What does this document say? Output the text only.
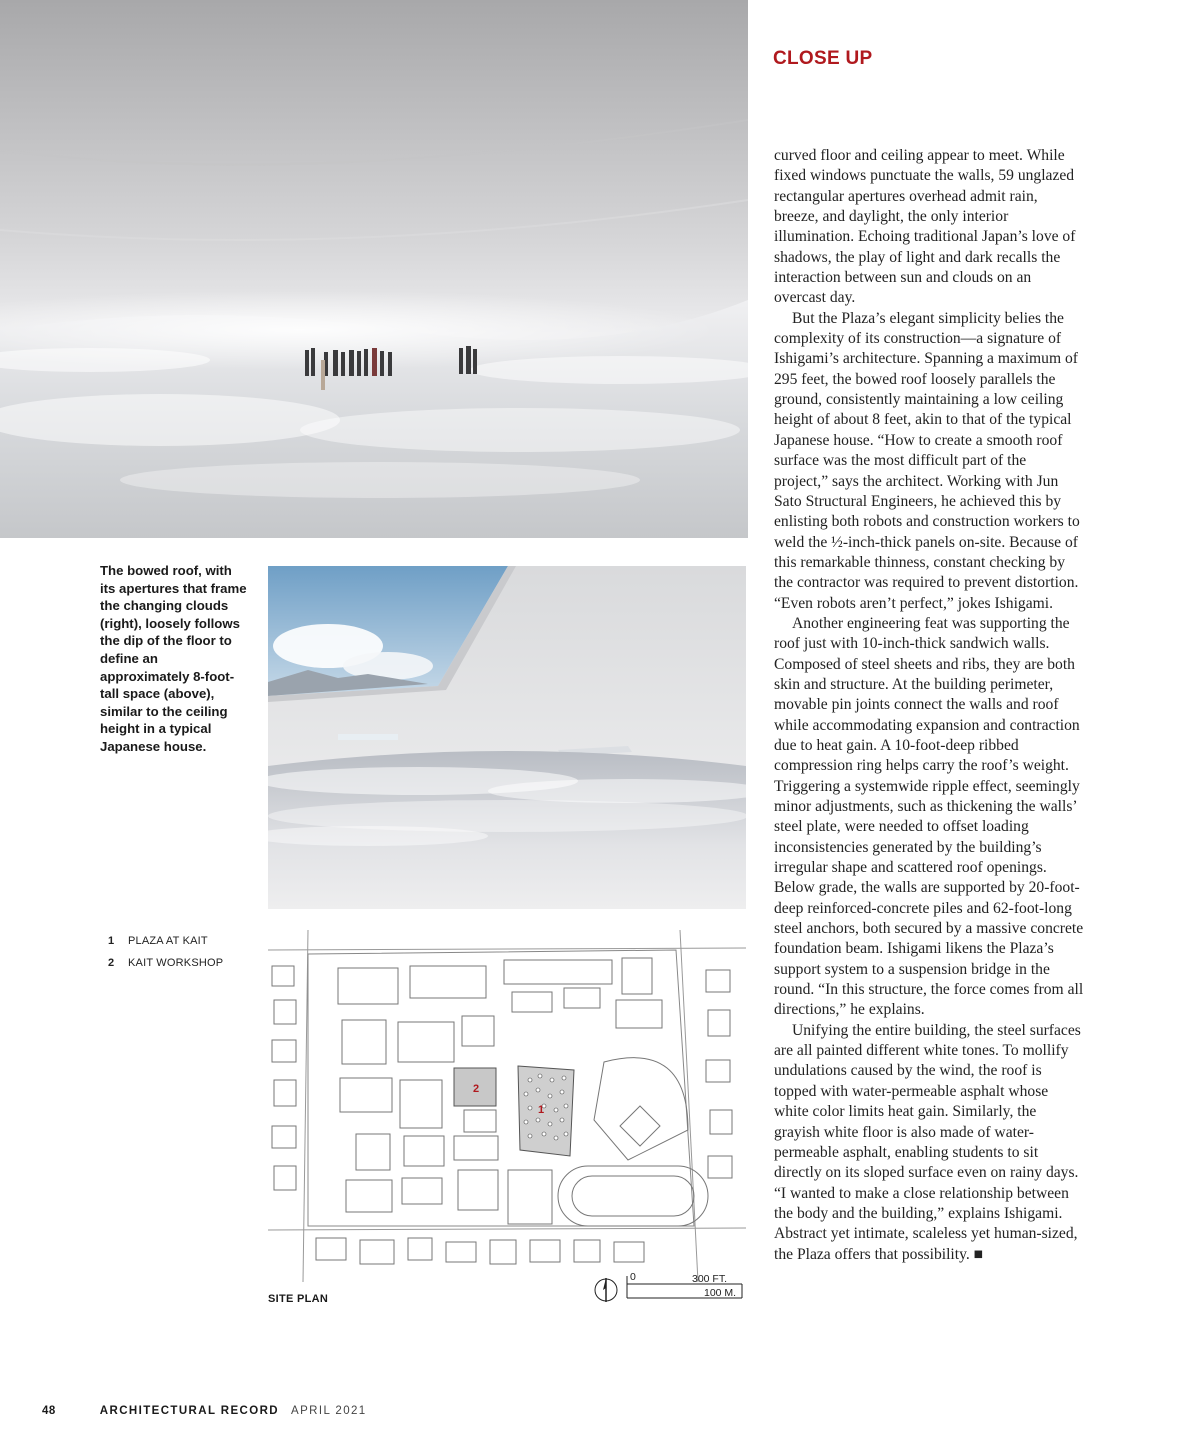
CLOSE UP
The bowed roof, with its apertures that frame the changing clouds (right), loosely follows the dip of the floor to define an approximately 8-foot-tall space (above), similar to the ceiling height in a typical Japanese house.
1	PLAZA AT KAIT
2	KAIT WORKSHOP
2
1
SITE PLAN
0	300 FT.
100 M.

curved floor and ceiling appear to meet. While fixed windows punctuate the walls, 59 unglazed rectangular apertures overhead admit rain, breeze, and daylight, the only interior illumination. Echoing traditional Japan’s love of shadows, the play of light and dark recalls the interaction between sun and clouds on an overcast day.

But the Plaza’s elegant simplicity belies the complexity of its construction—a signature of Ishigami’s architecture. Spanning a maximum of 295 feet, the bowed roof loosely parallels the ground, consistently maintaining a low ceiling height of about 8 feet, akin to that of the typical Japanese house. “How to create a smooth roof surface was the most difficult part of the project,” says the architect. Working with Jun Sato Structural Engineers, he achieved this by enlisting both robots and construction workers to weld the ½-inch-thick panels on-site. Because of this remarkable thinness, constant checking by the contractor was required to prevent distortion. “Even robots aren’t perfect,” jokes Ishigami.

Another engineering feat was supporting the roof just with 10-inch-thick sandwich walls. Composed of steel sheets and ribs, they are both skin and structure. At the building perimeter, movable pin joints connect the walls and roof while accommodating expansion and contraction due to heat gain. A 10-foot-deep ribbed compression ring helps carry the roof’s weight. Triggering a systemwide ripple effect, seemingly minor adjustments, such as thickening the walls’ steel plate, were needed to offset loading inconsistencies generated by the building’s irregular shape and scattered roof openings. Below grade, the walls are supported by 20-foot-deep reinforced-concrete piles and 62-foot-long steel anchors, both secured by a massive concrete foundation beam. Ishigami likens the Plaza’s support system to a suspension bridge in the round. “In this structure, the force comes from all directions,” he explains.

Unifying the entire building, the steel surfaces are all painted different white tones. To mollify undulations caused by the wind, the roof is topped with water-permeable asphalt whose white color limits heat gain. Similarly, the grayish white floor is also made of water-permeable asphalt, enabling students to sit directly on its sloped surface even on rainy days. “I wanted to make a close relationship between the body and the building,” explains Ishigami. Abstract yet intimate, scaleless yet human-sized, the Plaza offers that possibility. ■

48	ARCHITECTURAL RECORD APRIL 2021
